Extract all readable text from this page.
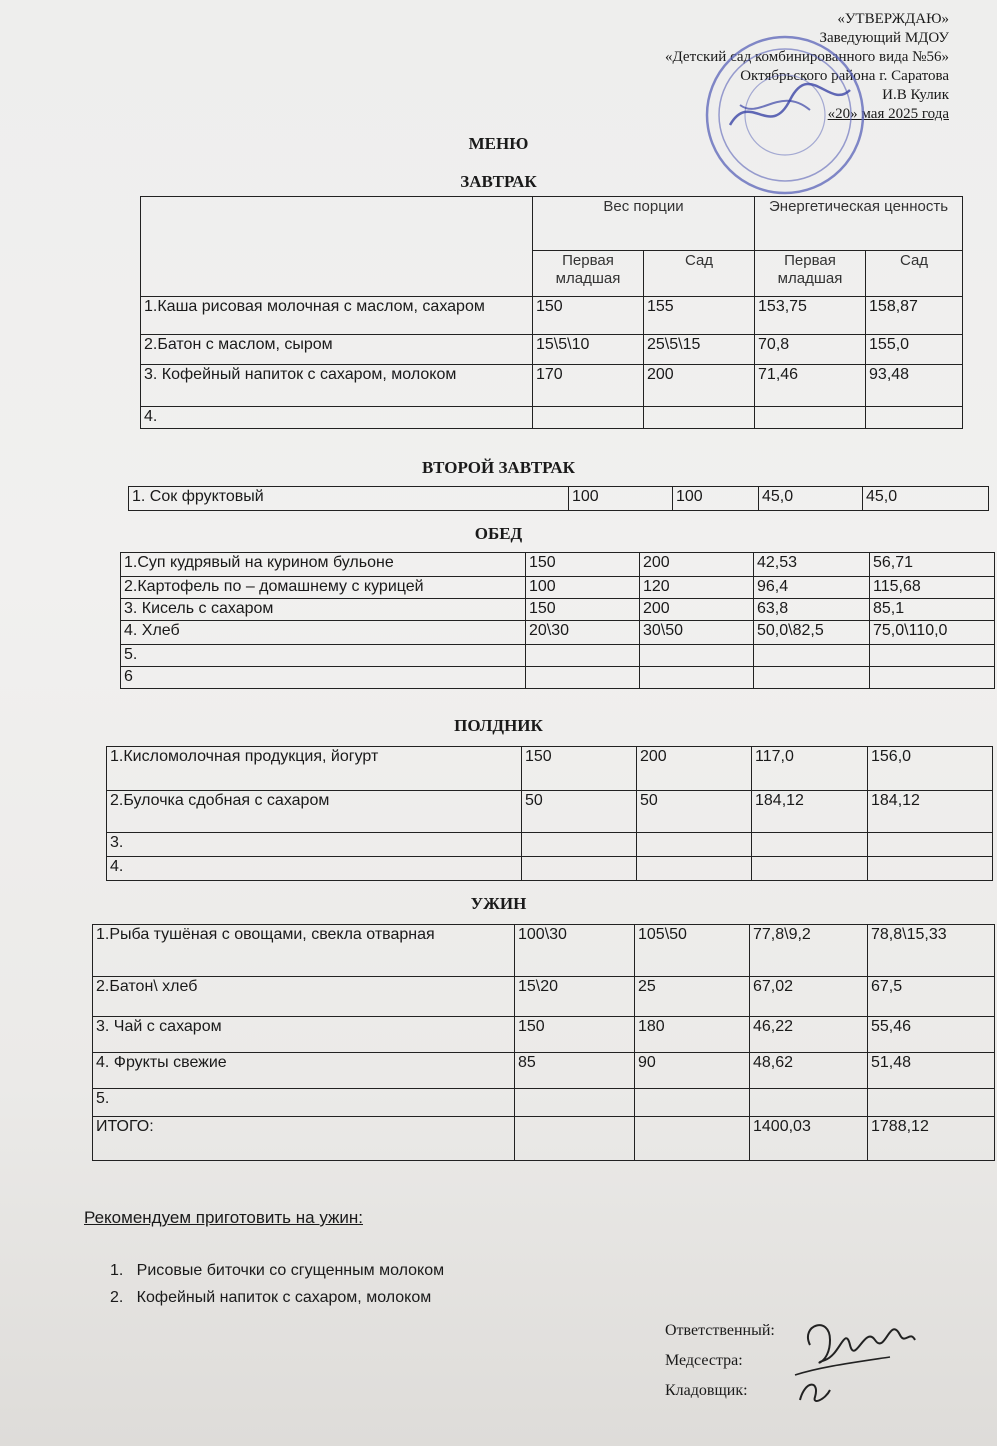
«УТВЕРЖДАЮ»
Заведующий МДОУ
«Детский сад комбинированного вида №56»
Октябрьского района г. Саратова
И.В Кулик
«20» мая 2025 года
МЕНЮ
ЗАВТРАК
	Вес порции		Энергетическая ценность	
	Первая младшая	Сад	Первая младшая	Сад
1.Каша рисовая молочная с маслом, сахаром	150	155	153,75	158,87
2.Батон с маслом, сыром	15\5\10	25\5\15	70,8	155,0
3. Кофейный напиток с сахаром, молоком	170	200	71,46	93,48
4.				
ВТОРОЙ ЗАВТРАК
1. Сок фруктовый	100	100	45,0	45,0
ОБЕД
1.Суп кудрявый на курином бульоне	150	200	42,53	56,71
2.Картофель по – домашнему с курицей	100	120	96,4	115,68
3. Кисель с сахаром	150	200	63,8	85,1
4. Хлеб	20\30	30\50	50,0\82,5	75,0\110,0
5.				
6				
ПОЛДНИК
1.Кисломолочная продукция, йогурт	150	200	117,0	156,0
2.Булочка сдобная с сахаром	50	50	184,12	184,12
3.				
4.				
УЖИН
1.Рыба тушёная с овощами, свекла отварная	100\30	105\50	77,8\9,2	78,8\15,33
2.Батон\ хлеб	15\20	25	67,02	67,5
3. Чай с сахаром	150	180	46,22	55,46
4. Фрукты свежие	85	90	48,62	51,48
5.				
ИТОГО:			1400,03	1788,12
Рекомендуем приготовить на ужин:
1.   Рисовые биточки со сгущенным молоком
2.   Кофейный напиток с сахаром, молоком
Ответственный:
Медсестра:
Кладовщик:
